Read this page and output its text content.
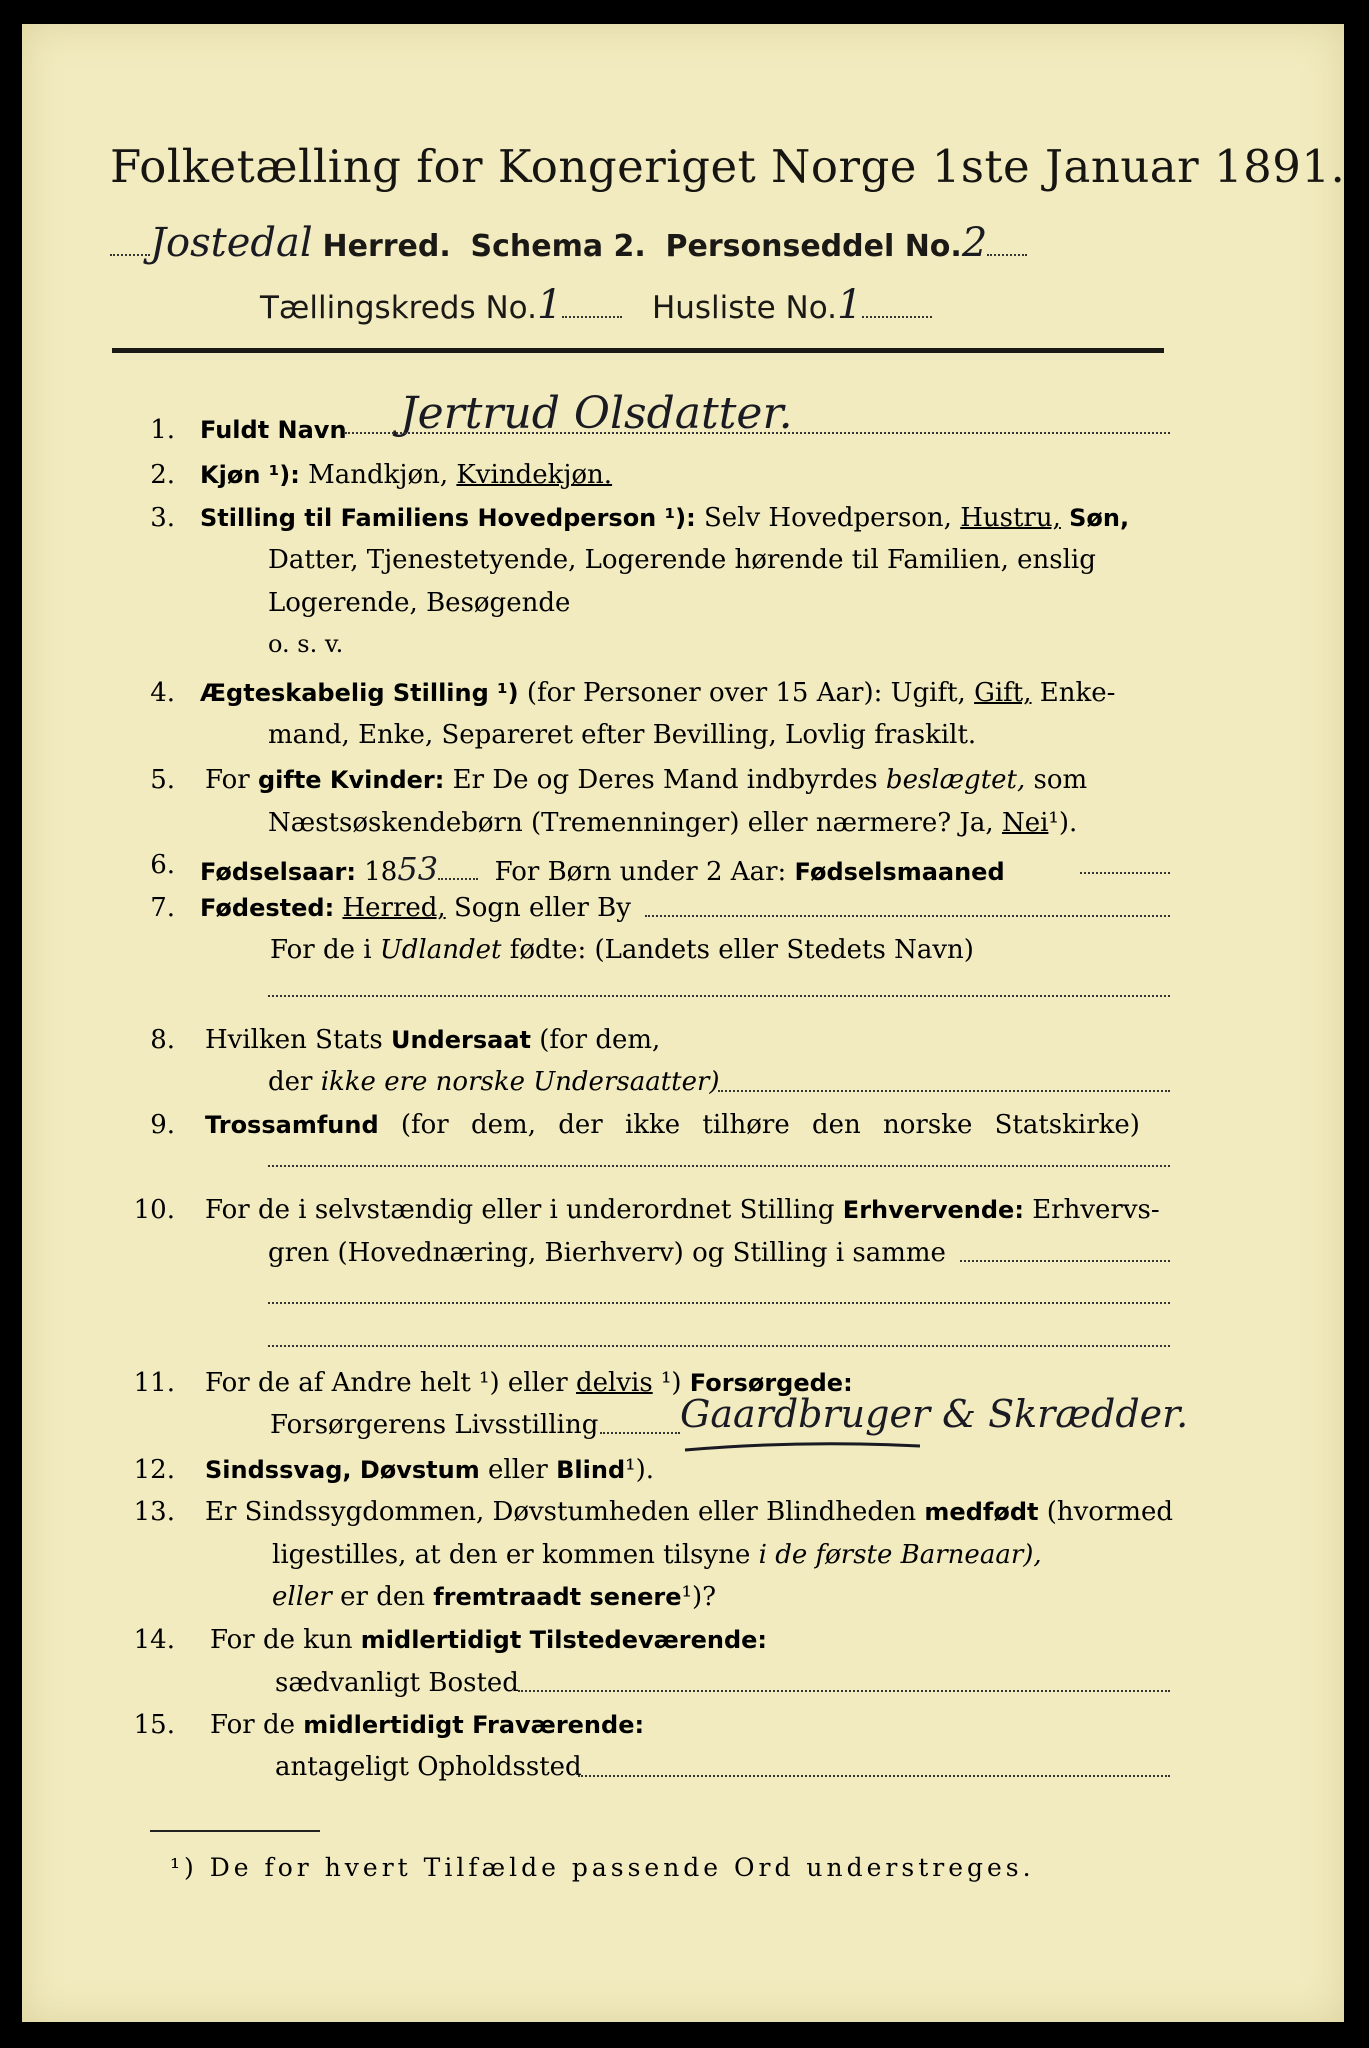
Folketælling for Kongeriget Norge 1ste Januar 1891.
Jostedal Herred. Schema 2. Personseddel No.2
Tællingskreds No.1	Husliste No.1
1. Fuldt Navn Jertrud Olsdatter.
2. Kjøn ¹): Mandkjøn, Kvindekjøn.
3. Stilling til Familiens Hovedperson ¹): Selv Hovedperson, Hustru, Søn,
Datter, Tjenestetyende, Logerende hørende til Familien, enslig
Logerende, Besøgende
o. s. v.
4. Ægteskabelig Stilling ¹) (for Personer over 15 Aar): Ugift, Gift, Enke-
mand, Enke, Separeret efter Bevilling, Lovlig fraskilt.
5. For gifte Kvinder: Er De og Deres Mand indbyrdes beslægtet, som
Næstsøskendebørn (Tremenninger) eller nærmere? Ja, Nei¹).
6. Fødselsaar: 1853 For Børn under 2 Aar: Fødselsmaaned
7. Fødested: Herred, Sogn eller By
For de i Udlandet fødte: (Landets eller Stedets Navn)
8. Hvilken Stats Undersaat (for dem,
der ikke ere norske Undersaatter)
9. Trossamfund (for dem, der ikke tilhøre den norske Statskirke)
10. For de i selvstændig eller i underordnet Stilling Erhvervende: Erhvervs-
gren (Hovednæring, Bierhverv) og Stilling i samme
11. For de af Andre helt ¹) eller delvis ¹) Forsørgede:
Forsørgerens Livsstilling Gaardbruger & Skrædder.
12. Sindssvag, Døvstum eller Blind¹).
13. Er Sindssygdommen, Døvstumheden eller Blindheden medfødt (hvormed
ligestilles, at den er kommen tilsyne i de første Barneaar),
eller er den fremtraadt senere¹)?
14. For de kun midlertidigt Tilstedeværende:
sædvanligt Bosted
15. For de midlertidigt Fraværende:
antageligt Opholdssted
¹) De for hvert Tilfælde passende Ord understreges.
